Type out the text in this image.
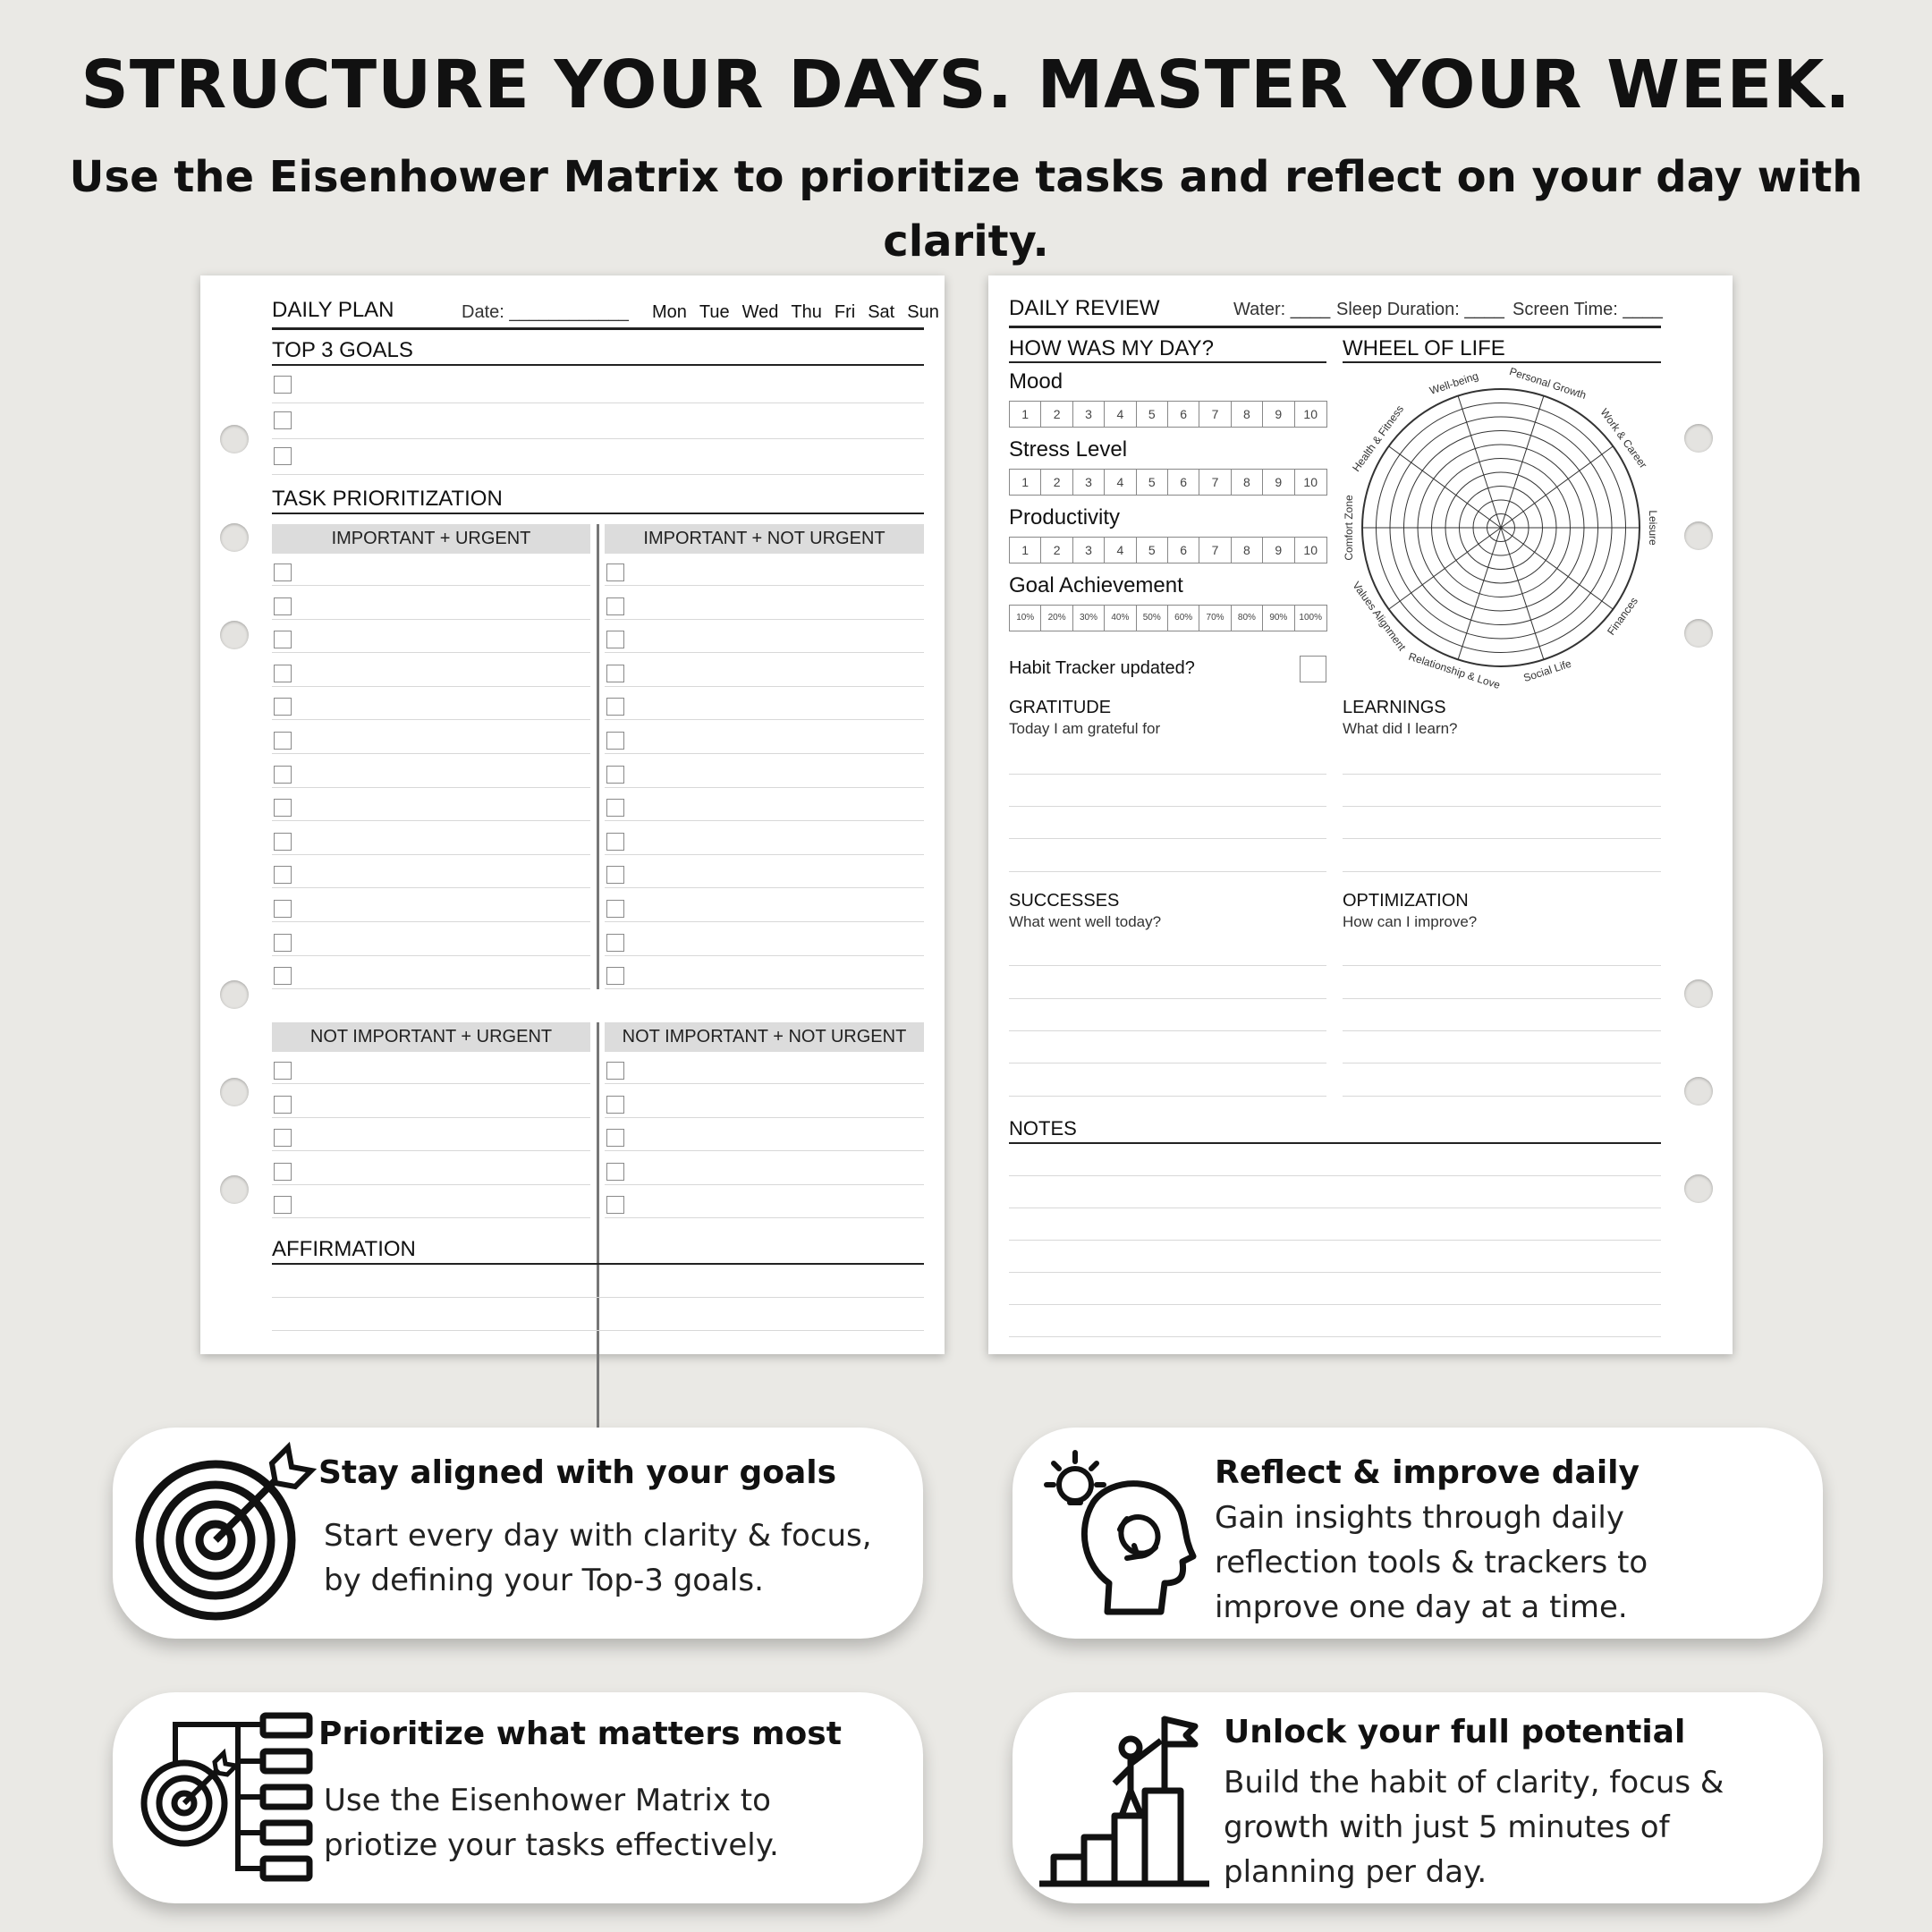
STRUCTURE YOUR DAYS. MASTER YOUR WEEK.
Use the Eisenhower Matrix to prioritize tasks and reflect on your day with clarity.
DAILY PLAN	Date: ____________ Mon Tue Wed Thu Fri Sat Sun
TOP 3 GOALS
TASK PRIORITIZATION
IMPORTANT + URGENT	IMPORTANT + NOT URGENT
NOT IMPORTANT + URGENT	NOT IMPORTANT + NOT URGENT
AFFIRMATION
DAILY REVIEW	Water: ____ Sleep Duration: ____ Screen Time: ____
HOW WAS MY DAY?	WHEEL OF LIFE
Mood
1	2	3	4	5	6	7	8	9	10
Stress Level
1	2	3	4	5	6	7	8	9	10
Productivity
1	2	3	4	5	6	7	8	9	10
Goal Achievement
10%	20%	30%	40%	50%	60%	70%	80%	90%	100%
Habit Tracker updated?
Well-being	Personal Growth
Work & Career
Leisure
Finances
Social Life
Relationship & Love
Values Alignment
Comfort Zone
Health & Fitness
GRATITUDE
Today I am grateful for
LEARNINGS
What did I learn?
SUCCESSES
What went well today?
OPTIMIZATION
How can I improve?
NOTES
Stay aligned with your goals
Start every day with clarity & focus,
by defining your Top-3 goals.
Reflect & improve daily
Gain insights through daily
reflection tools & trackers to
improve one day at a time.
Prioritize what matters most
Use the Eisenhower Matrix to
priotize your tasks effectively.
Unlock your full potential
Build the habit of clarity, focus &
growth with just 5 minutes of
planning per day.
